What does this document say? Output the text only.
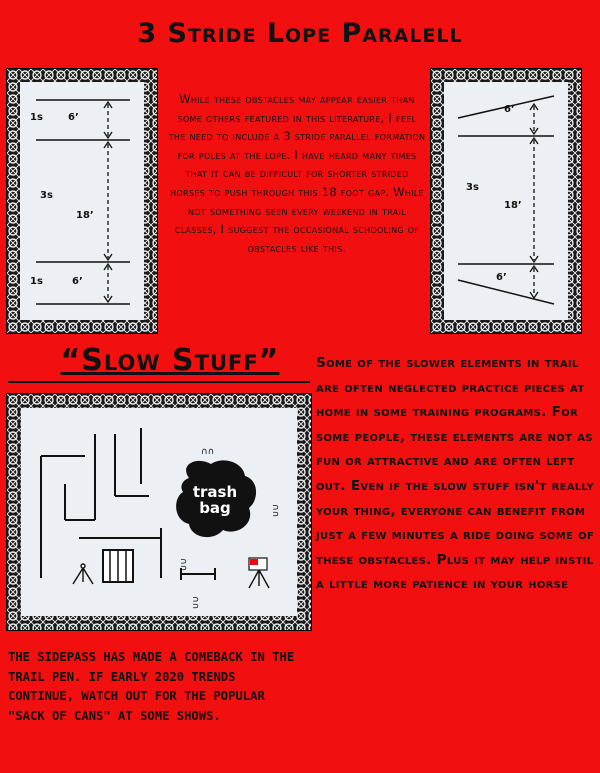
3 Stride Lope Paralell
1s	6’
3s
18’
1s	6’
While these obstacles may appear easier than some others featured in this literature, I feel the need to include a 3 stride parallel formation for poles at the lope. I have heard many times that it can be difficult for shorter strided horses to push through this 18 foot gap. While not something seen every weekend in trail classes, I suggest the occasional schooling of obstacles like this.
6’
3s
18’
6’
“Slow Stuff”
∩∩
∩∩
∩∩
∩∩
trash
bag
Some of the slower elements in trail are often neglected practice pieces at home in some training programs. For some people, these elements are not as fun or attractive and are often left out. Even if the slow stuff isn't really your thing, everyone can benefit from just a few minutes a ride doing some of these obstacles. Plus it may help instil a little more patience in your horse
THE SIDEPASS HAS MADE A COMEBACK IN THE TRAIL PEN. IF EARLY 2020 TRENDS CONTINUE, WATCH OUT FOR THE POPULAR "SACK OF CANS" AT SOME SHOWS.
